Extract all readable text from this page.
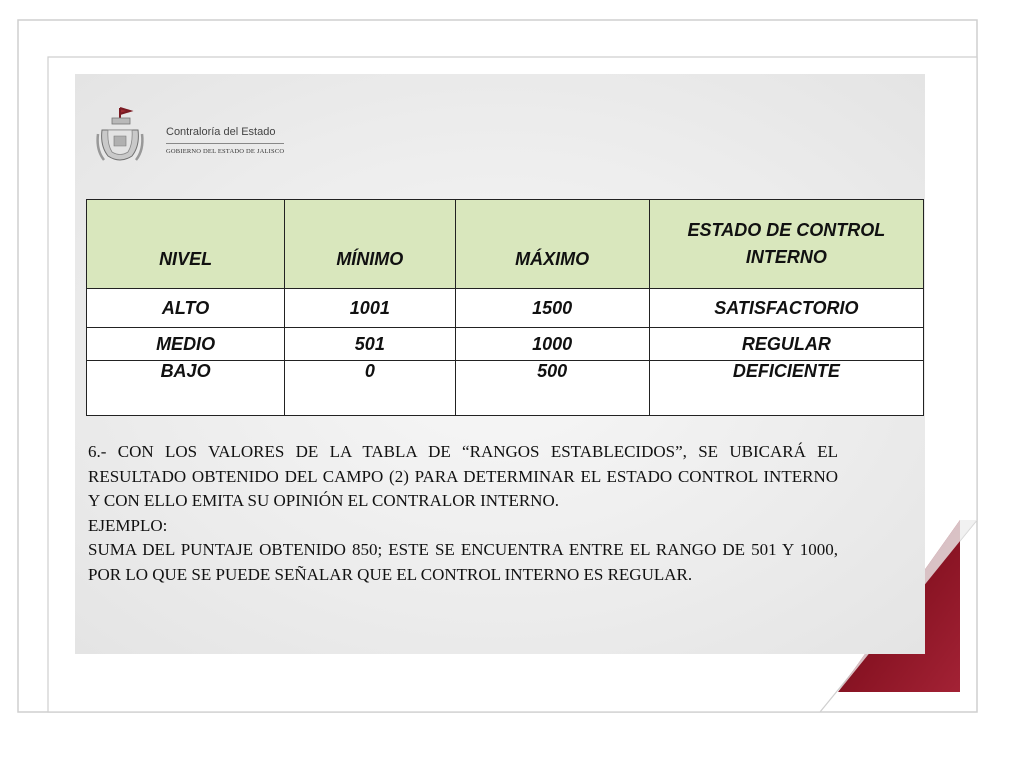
Contraloría del Estado
GOBIERNO DEL ESTADO DE JALISCO
NIVEL	MÍNIMO	MÁXIMO	ESTADO DE CONTROL INTERNO
ALTO	1001	1500	SATISFACTORIO
MEDIO	501	1000	REGULAR
BAJO	0	500	DEFICIENTE

6.- CON LOS VALORES DE LA TABLA DE “RANGOS ESTABLECIDOS”, SE UBICARÁ EL RESULTADO OBTENIDO DEL CAMPO (2) PARA DETERMINAR EL ESTADO CONTROL INTERNO Y CON ELLO EMITA SU OPINIÓN EL CONTRALOR INTERNO.

EJEMPLO:

SUMA DEL PUNTAJE OBTENIDO 850; ESTE SE ENCUENTRA ENTRE EL RANGO DE 501 Y 1000, POR LO QUE SE PUEDE SEÑALAR QUE EL CONTROL INTERNO ES REGULAR.
